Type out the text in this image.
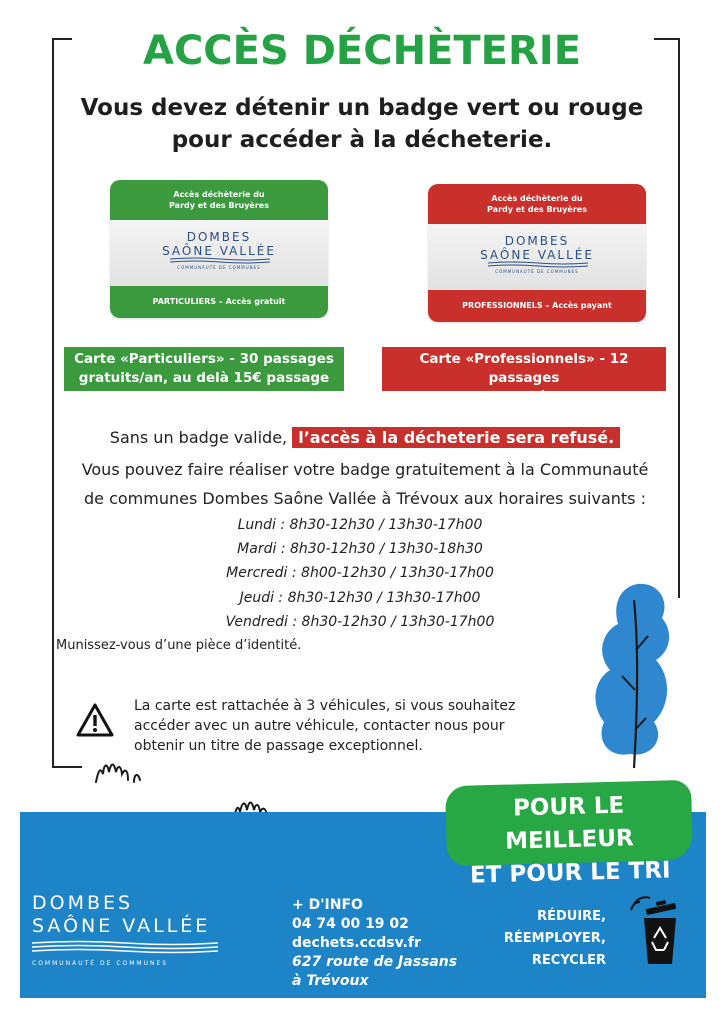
ACCÈS DÉCHÈTERIE
Vous devez détenir un badge vert ou rouge
pour accéder à la décheterie.
Accès déchèterie du
Pardy et des Bruyères
DOMBES
SAÔNE VALLÉE
COMMUNAUTÉ DE COMMUNES
PARTICULIERS – Accès gratuit
Accès déchèterie du
Pardy et des Bruyères
DOMBES
SAÔNE VALLÉE
COMMUNAUTÉ DE COMMUNES
PROFESSIONNELS – Accès payant
Carte «Particuliers» - 30 passages
gratuits/an, au delà 15€ passage supp.
Carte «Professionnels» - 12 passages
payants/an, au delà 20€ passage supp.
Sans un badge valide, l’accès à la décheterie sera refusé.
Vous pouvez faire réaliser votre badge gratuitement à la Communauté
de communes Dombes Saône Vallée à Trévoux aux horaires suivants :
Lundi : 8h30-12h30 / 13h30-17h00
Mardi : 8h30-12h30 / 13h30-18h30
Mercredi : 8h00-12h30 / 13h30-17h00
Jeudi : 8h30-12h30 / 13h30-17h00
Vendredi : 8h30-12h30 / 13h30-17h00
Munissez-vous d’une pièce d’identité.
La carte est rattachée à 3 véhicules, si vous souhaitez
accéder avec un autre véhicule, contacter nous pour
obtenir un titre de passage exceptionnel.
POUR LE MEILLEUR
ET POUR LE TRI
DOMBES
SAÔNE VALLÉE
COMMUNAUTÉ DE COMMUNES
+ D'INFO
04 74 00 19 02
dechets.ccdsv.fr
627 route de Jassans
à Trévoux
RÉDUIRE,
RÉEMPLOYER,
RECYCLER
